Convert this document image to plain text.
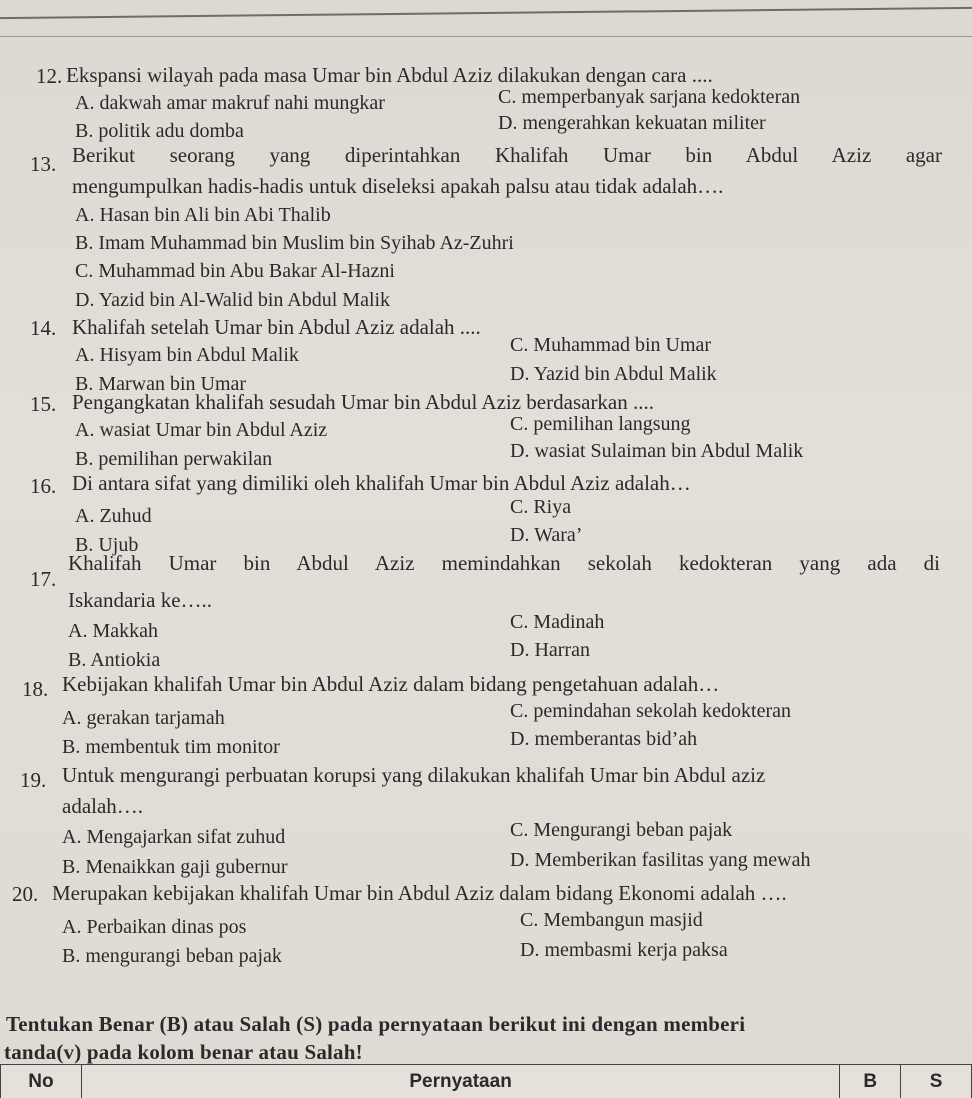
12. Ekspansi wilayah pada masa Umar bin Abdul Aziz dilakukan dengan cara ....
A. dakwah amar makruf nahi mungkar	C. memperbanyak sarjana kedokteran
B. politik adu domba	D. mengerahkan kekuatan militer
13. Berikut seorang yang diperintahkan Khalifah Umar bin Abdul Aziz agar
mengumpulkan hadis-hadis untuk diseleksi apakah palsu atau tidak adalah….
A. Hasan bin Ali bin Abi Thalib
B. Imam Muhammad bin Muslim bin Syihab Az-Zuhri
C. Muhammad bin Abu Bakar Al-Hazni
D. Yazid bin Al-Walid bin Abdul Malik
14. Khalifah setelah Umar bin Abdul Aziz adalah ....
A. Hisyam bin Abdul Malik	C. Muhammad bin Umar
B. Marwan bin Umar	D. Yazid bin Abdul Malik
15. Pengangkatan khalifah sesudah Umar bin Abdul Aziz berdasarkan ....
A. wasiat Umar bin Abdul Aziz	C. pemilihan langsung
B. pemilihan perwakilan	D. wasiat Sulaiman bin Abdul Malik
16. Di antara sifat yang dimiliki oleh khalifah Umar bin Abdul Aziz adalah…
A. Zuhud	C. Riya
B. Ujub	D. Wara’
17.
Khalifah Umar bin Abdul Aziz memindahkan sekolah kedokteran yang ada di
Iskandaria ke…..
A. Makkah	C. Madinah
B. Antiokia	D. Harran
18. Kebijakan khalifah Umar bin Abdul Aziz dalam bidang pengetahuan adalah…
A. gerakan tarjamah	C. pemindahan sekolah kedokteran
B. membentuk tim monitor	D. memberantas bid’ah
19. Untuk mengurangi perbuatan korupsi yang dilakukan khalifah Umar bin Abdul aziz
adalah….
A. Mengajarkan sifat zuhud	C. Mengurangi beban pajak
B. Menaikkan gaji gubernur	D. Memberikan fasilitas yang mewah
20. Merupakan kebijakan khalifah Umar bin Abdul Aziz dalam bidang Ekonomi adalah ….
A. Perbaikan dinas pos	C. Membangun masjid
B. mengurangi beban pajak	D. membasmi kerja paksa
Tentukan Benar (B) atau Salah (S) pada pernyataan berikut ini dengan memberi
tanda(v) pada kolom benar atau Salah!
No	Pernyataan	B	S
